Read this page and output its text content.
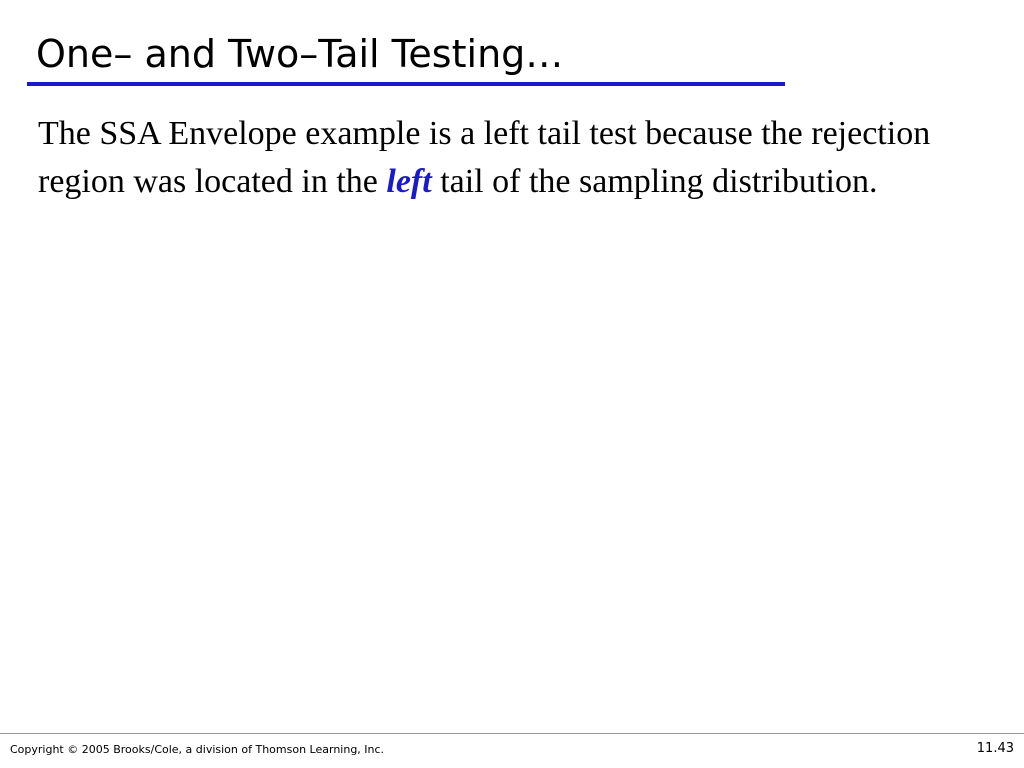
One– and Two–Tail Testing…

The SSA Envelope example is a left tail test because the rejection region was located in the left tail of the sampling distribution.

Copyright © 2005 Brooks/Cole, a division of Thomson Learning, Inc.	11.43
